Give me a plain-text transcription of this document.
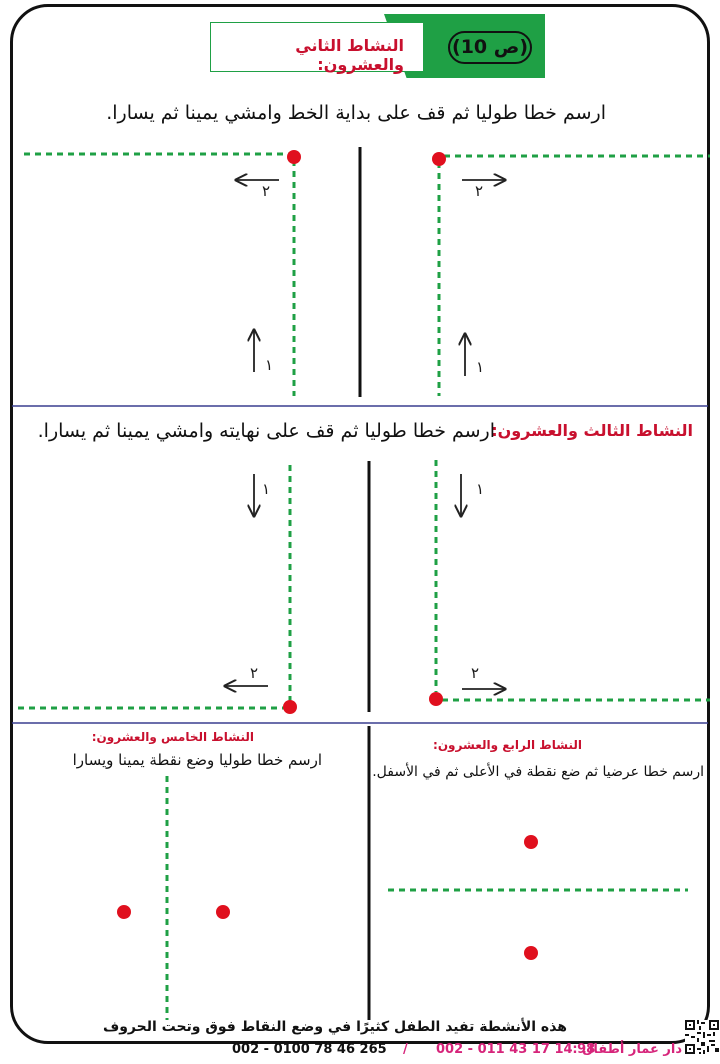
(ص 10)
النشاط الثاني والعشرون:
ارسم خطا طوليا ثم قف على بداية الخط وامشي يمينا ثم يسارا.
النشاط الثالث والعشرون:
ارسم خطا طوليا ثم قف على نهايته وامشي يمينا ثم يسارا.
النشاط الرابع والعشرون:
ارسم خطا عرضيا ثم ضع نقطة في الأعلى ثم في الأسفل.
النشاط الخامس والعشرون:
ارسم خطا طوليا وضع نقطة يمينا ويسارا
٢
١
٢
١
١
٢
١
٢
هذه الأنشطة تفيد الطفل كثيرًا في وضع النقاط فوق وتحت الحروف
دار عمار أطفال :
002 - 011 43 17 14 98
/
002 - 0100 78 46 265
